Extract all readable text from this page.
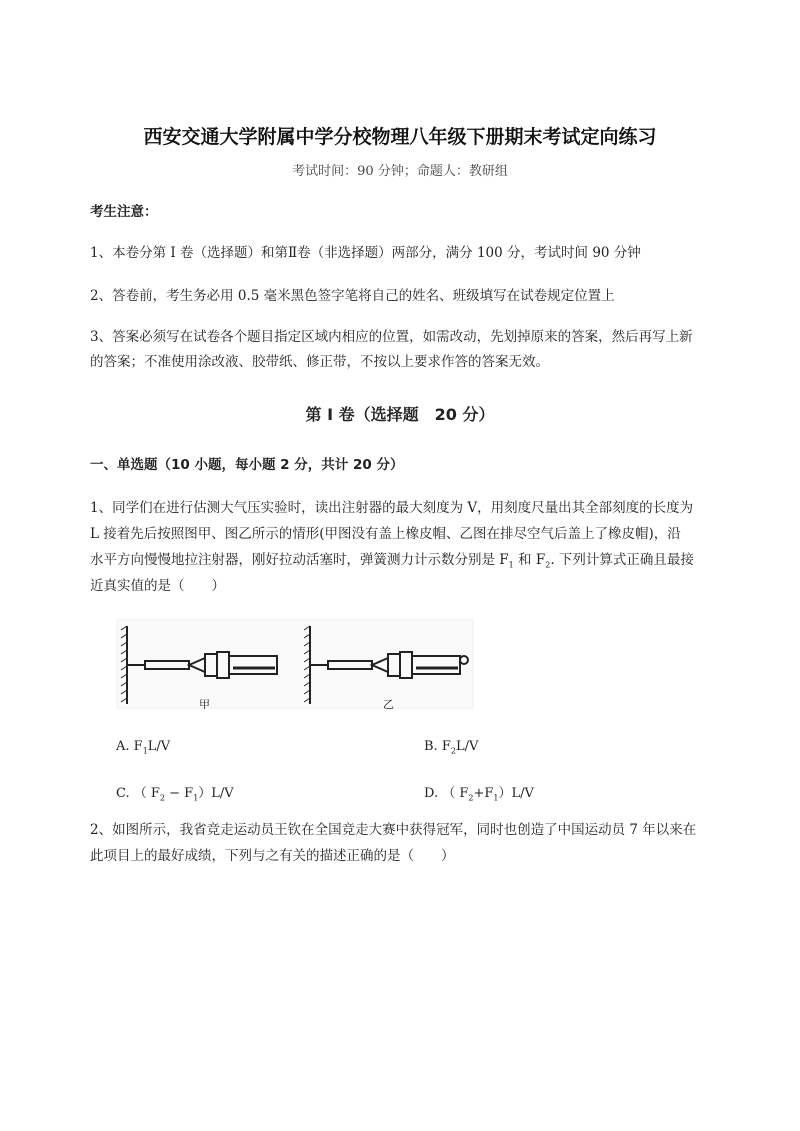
西安交通大学附属中学分校物理八年级下册期末考试定向练习
考试时间：90 分钟；命题人：教研组
考生注意：
1、本卷分第 I 卷（选择题）和第Ⅱ卷（非选择题）两部分，满分 100 分，考试时间 90 分钟
2、答卷前，考生务必用 0.5 毫米黑色签字笔将自己的姓名、班级填写在试卷规定位置上
3、答案必须写在试卷各个题目指定区域内相应的位置，如需改动，先划掉原来的答案，然后再写上新
的答案；不准使用涂改液、胶带纸、修正带，不按以上要求作答的答案无效。
第 I 卷（选择题　20 分）
一、单选题（10 小题，每小题 2 分，共计 20 分）
1、同学们在进行估测大气压实验时，读出注射器的最大刻度为 V，用刻度尺量出其全部刻度的长度为
L 接着先后按照图甲、图乙所示的情形(甲图没有盖上橡皮帽、乙图在排尽空气后盖上了橡皮帽)，沿
水平方向慢慢地拉注射器，刚好拉动活塞时，弹簧测力计示数分别是 $F_1$ 和 $F_2$. 下列计算式正确且最接
近真实值的是（　　）
甲	乙
A. $F_1L/V$	B. $F_2L/V$
C. （ $F_2 - F_1)L/V$	D. （ $F_2+F_1)L/V$
2、如图所示，我省竞走运动员王钦在全国竞走大赛中获得冠军，同时也创造了中国运动员 7 年以来在
此项目上的最好成绩，下列与之有关的描述正确的是（　　）
